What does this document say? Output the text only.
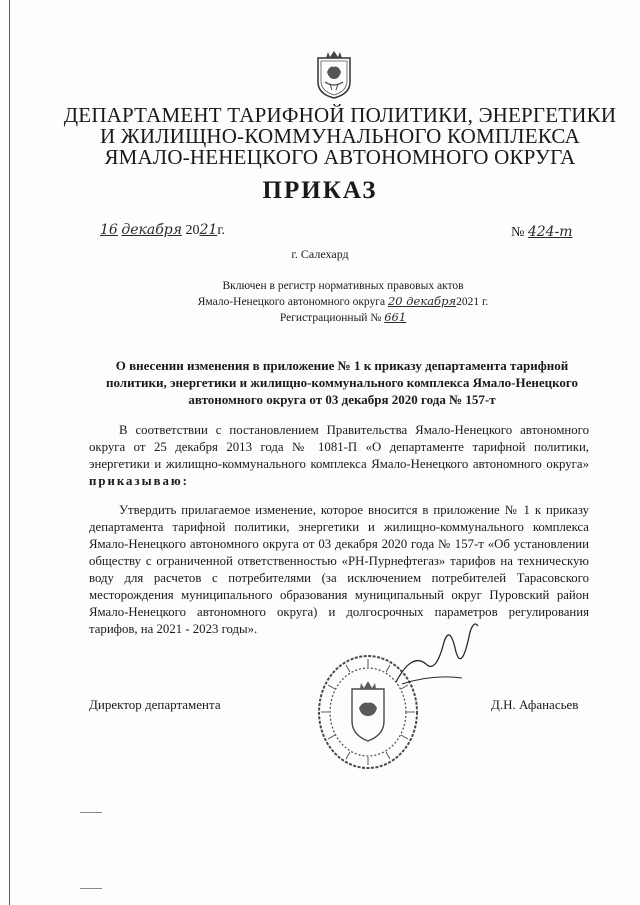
ДЕПАРТАМЕНТ ТАРИФНОЙ ПОЛИТИКИ, ЭНЕРГЕТИКИ

И ЖИЛИЩНО-КОММУНАЛЬНОГО КОМПЛЕКСА

ЯМАЛО-НЕНЕЦКОГО АВТОНОМНОГО ОКРУГА

ПРИКАЗ

16 декабря 2021г.	№ 424-т
г. Салехард
Включен в регистр нормативных правовых актов
Ямало-Ненецкого автономного округа 20 декабря2021 г.
Регистрационный № 661
О внесении изменения в приложение № 1 к приказу департамента тарифной политики, энергетики и жилищно-коммунального комплекса Ямало-Ненецкого автономного округа от 03 декабря 2020 года № 157-т

В соответствии с постановлением Правительства Ямало-Ненецкого автономного округа от 25 декабря 2013 года № 1081-П «О департаменте тарифной политики, энергетики и жилищно-коммунального комплекса Ямало-Ненецкого автономного округа» приказываю:

Утвердить прилагаемое изменение, которое вносится в приложение № 1 к приказу департамента тарифной политики, энергетики и жилищно-коммунального комплекса Ямало-Ненецкого автономного округа от 03 декабря 2020 года № 157-т «Об установлении обществу с ограниченной ответственностью «РН-Пурнефтегаз» тарифов на техническую воду для расчетов с потребителями (за исключением потребителей Тарасовского месторождения муниципального образования муниципальный округ Пуровский район Ямало-Ненецкого автономного округа) и долгосрочных параметров регулирования тарифов, на 2021 - 2023 годы».

Директор департамента	Д.Н. Афанасьев
